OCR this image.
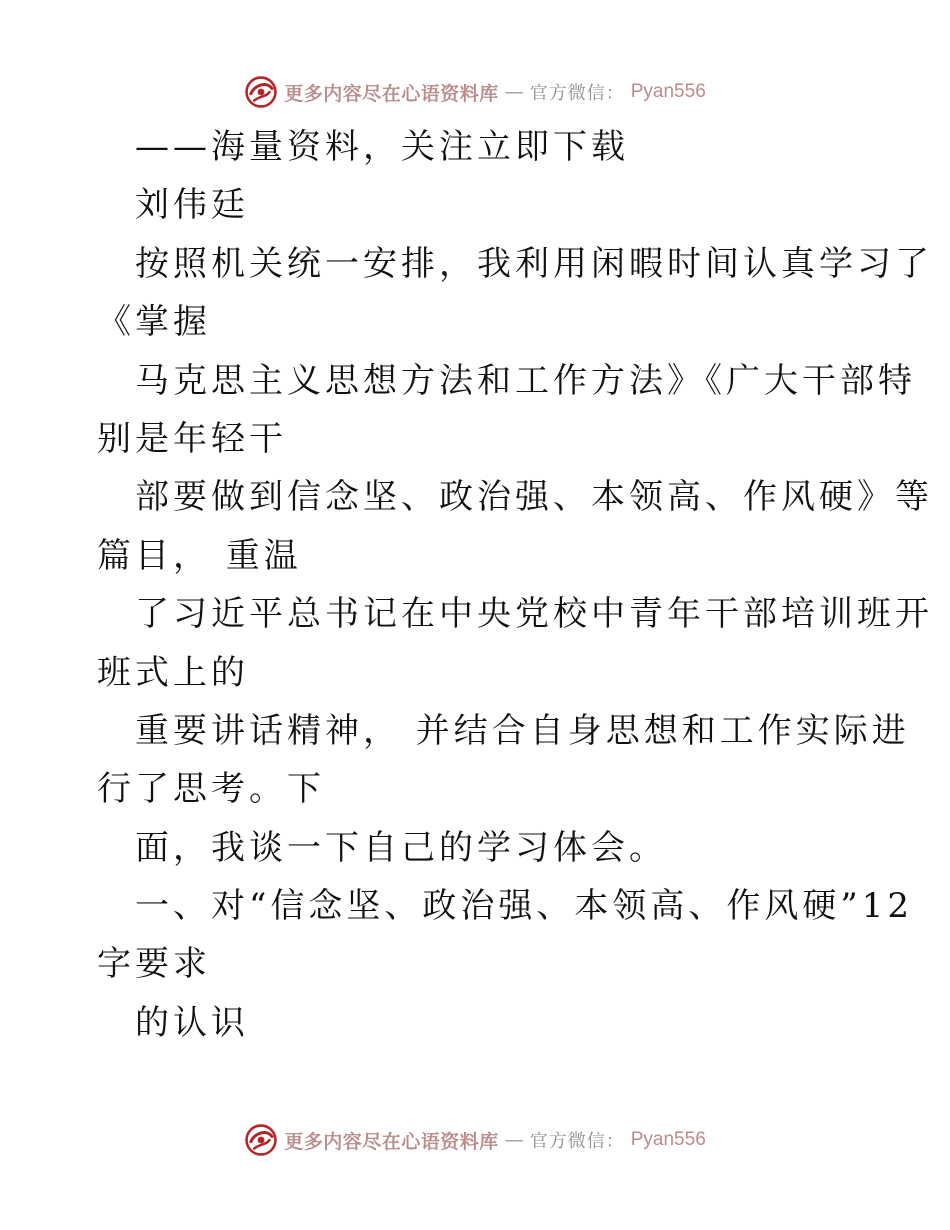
更多内容尽在心语资料库 — 官方微信： Pyan556
——海量资料，关注立即下载
刘伟廷
按照机关统一安排，我利用闲暇时间认真学习了
《掌握
马克思主义思想方法和工作方法》《广大干部特
别是年轻干
部要做到信念坚、政治强、本领高、作风硬》等
篇目， 重温
了习近平总书记在中央党校中青年干部培训班开
班式上的
重要讲话精神， 并结合自身思想和工作实际进
行了思考。下
面，我谈一下自己的学习体会。
一、对“信念坚、政治强、本领高、作风硬”12
字要求
的认识
更多内容尽在心语资料库 — 官方微信： Pyan556
